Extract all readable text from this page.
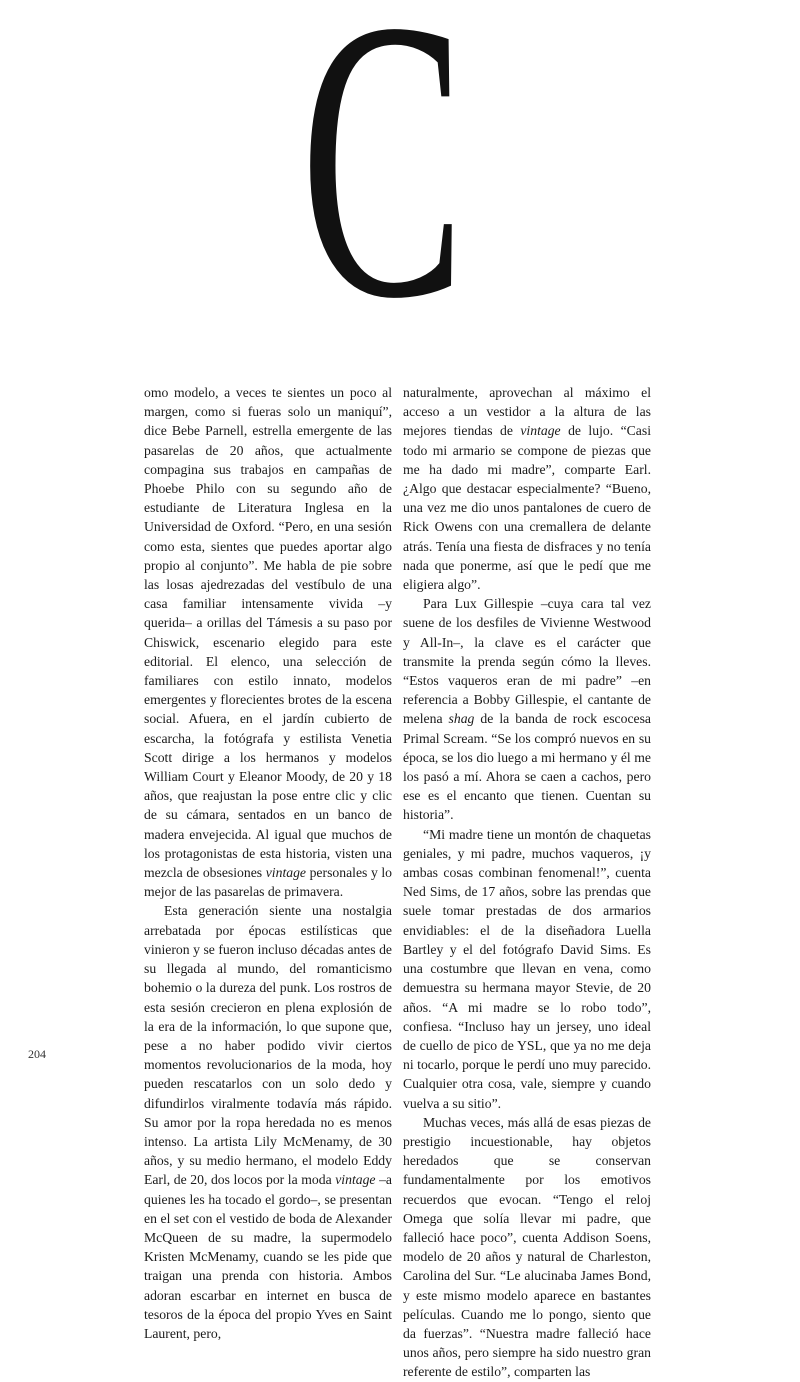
C

omo modelo, a veces te sientes un poco al margen, como si fueras solo un maniquí”, dice Bebe Parnell, estrella emergente de las pasarelas de 20 años, que actualmente compagina sus trabajos en campañas de Phoebe Philo con su segundo año de estudiante de Literatura Inglesa en la Universidad de Oxford. “Pero, en una sesión como esta, sientes que puedes aportar algo propio al conjunto”. Me habla de pie sobre las losas ajedrezadas del vestíbulo de una casa familiar intensamente vivida –y querida– a orillas del Támesis a su paso por Chiswick, escenario elegido para este editorial. El elenco, una selección de familiares con estilo innato, modelos emergentes y florecientes brotes de la escena social. Afuera, en el jardín cubierto de escarcha, la fotógrafa y estilista Venetia Scott dirige a los hermanos y modelos William Court y Eleanor Moody, de 20 y 18 años, que reajustan la pose entre clic y clic de su cámara, sentados en un banco de madera envejecida. Al igual que muchos de los protagonistas de esta historia, visten una mezcla de obsesiones vintage personales y lo mejor de las pasarelas de primavera.

Esta generación siente una nostalgia arrebatada por épocas estilísticas que vinieron y se fueron incluso décadas antes de su llegada al mundo, del romanticismo bohemio o la dureza del punk. Los rostros de esta sesión crecieron en plena explosión de la era de la información, lo que supone que, pese a no haber podido vivir ciertos momentos revolucionarios de la moda, hoy pueden rescatarlos con un solo dedo y difundirlos viralmente todavía más rápido. Su amor por la ropa heredada no es menos intenso. La artista Lily McMenamy, de 30 años, y su medio hermano, el modelo Eddy Earl, de 20, dos locos por la moda vintage –a quienes les ha tocado el gordo–, se presentan en el set con el vestido de boda de Alexander McQueen de su madre, la supermodelo Kristen McMenamy, cuando se les pide que traigan una prenda con historia. Ambos adoran escarbar en internet en busca de tesoros de la época del propio Yves en Saint Laurent, pero,

naturalmente, aprovechan al máximo el acceso a un vestidor a la altura de las mejores tiendas de vintage de lujo. “Casi todo mi armario se compone de piezas que me ha dado mi madre”, comparte Earl. ¿Algo que destacar especialmente? “Bueno, una vez me dio unos pantalones de cuero de Rick Owens con una cremallera de delante atrás. Tenía una fiesta de disfraces y no tenía nada que ponerme, así que le pedí que me eligiera algo”.

Para Lux Gillespie –cuya cara tal vez suene de los desfiles de Vivienne Westwood y All-In–, la clave es el carácter que transmite la prenda según cómo la lleves. “Estos vaqueros eran de mi padre” –en referencia a Bobby Gillespie, el cantante de melena shag de la banda de rock escocesa Primal Scream. “Se los compró nuevos en su época, se los dio luego a mi hermano y él me los pasó a mí. Ahora se caen a cachos, pero ese es el encanto que tienen. Cuentan su historia”.

“Mi madre tiene un montón de chaquetas geniales, y mi padre, muchos vaqueros, ¡y ambas cosas combinan fenomenal!”, cuenta Ned Sims, de 17 años, sobre las prendas que suele tomar prestadas de dos armarios envidiables: el de la diseñadora Luella Bartley y el del fotógrafo David Sims. Es una costumbre que llevan en vena, como demuestra su hermana mayor Stevie, de 20 años. “A mi madre se lo robo todo”, confiesa. “Incluso hay un jersey, uno ideal de cuello de pico de YSL, que ya no me deja ni tocarlo, porque le perdí uno muy parecido. Cualquier otra cosa, vale, siempre y cuando vuelva a su sitio”.

Muchas veces, más allá de esas piezas de prestigio incuestionable, hay objetos heredados que se conservan fundamentalmente por los emotivos recuerdos que evocan. “Tengo el reloj Omega que solía llevar mi padre, que falleció hace poco”, cuenta Addison Soens, modelo de 20 años y natural de Charleston, Carolina del Sur. “Le alucinaba James Bond, y este mismo modelo aparece en bastantes películas. Cuando me lo pongo, siento que da fuerzas”. “Nuestra madre falleció hace unos años, pero siempre ha sido nuestro gran referente de estilo”, comparten las

204
